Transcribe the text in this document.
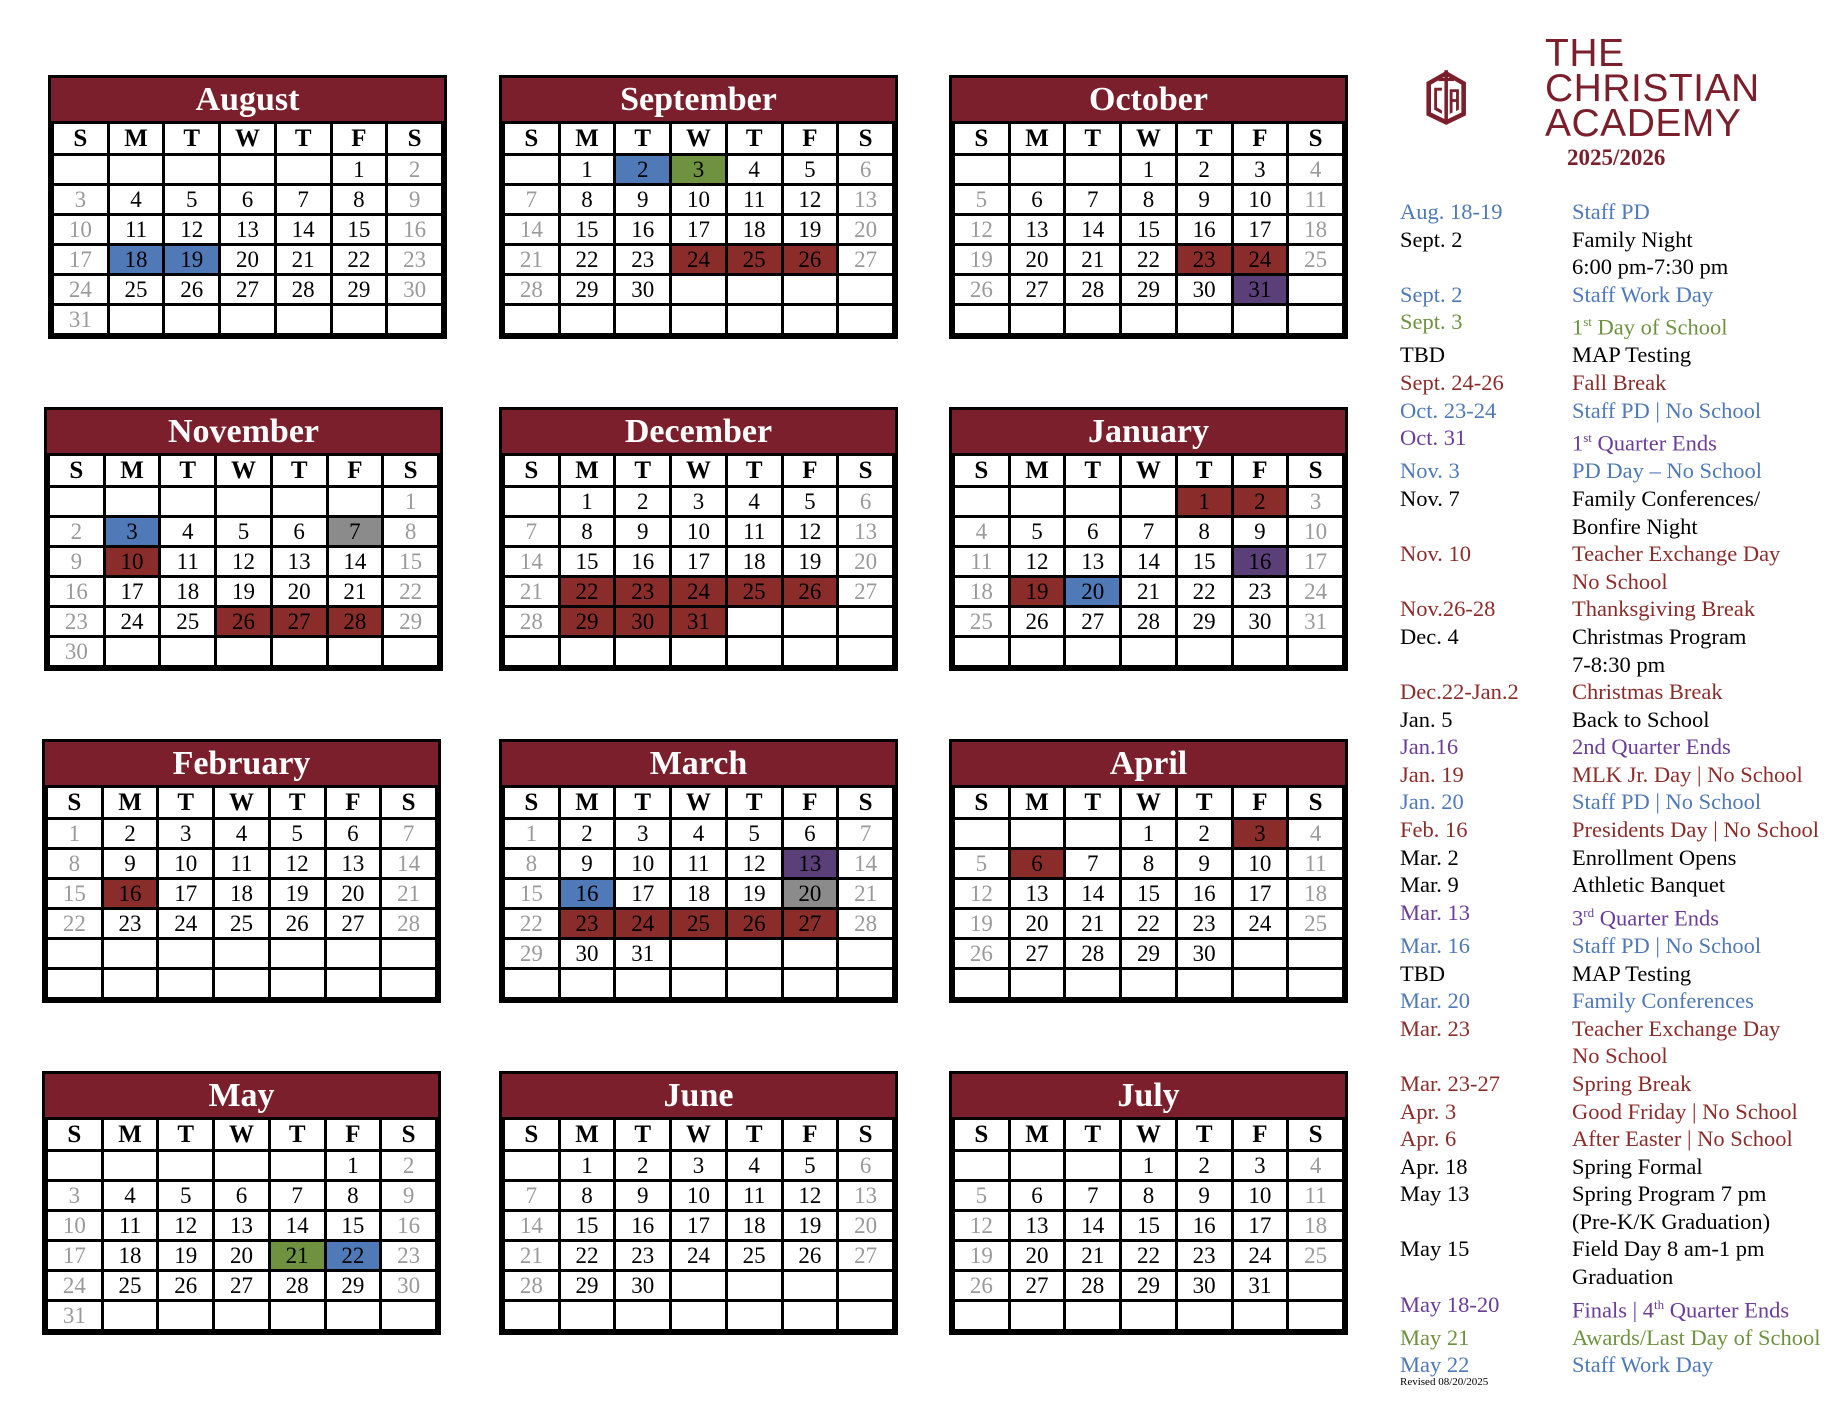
August
S	M	T	W	T	F	S
					1	2
3	4	5	6	7	8	9
10	11	12	13	14	15	16
17	18	19	20	21	22	23
24	25	26	27	28	29	30
31						
September
S	M	T	W	T	F	S
	1	2	3	4	5	6
7	8	9	10	11	12	13
14	15	16	17	18	19	20
21	22	23	24	25	26	27
28	29	30				

October
S	M	T	W	T	F	S
			1	2	3	4
5	6	7	8	9	10	11
12	13	14	15	16	17	18
19	20	21	22	23	24	25
26	27	28	29	30	31	

November
S	M	T	W	T	F	S
						1
2	3	4	5	6	7	8
9	10	11	12	13	14	15
16	17	18	19	20	21	22
23	24	25	26	27	28	29
30						
December
S	M	T	W	T	F	S
	1	2	3	4	5	6
7	8	9	10	11	12	13
14	15	16	17	18	19	20
21	22	23	24	25	26	27
28	29	30	31			

January
S	M	T	W	T	F	S
				1	2	3
4	5	6	7	8	9	10
11	12	13	14	15	16	17
18	19	20	21	22	23	24
25	26	27	28	29	30	31

February
S	M	T	W	T	F	S
1	2	3	4	5	6	7
8	9	10	11	12	13	14
15	16	17	18	19	20	21
22	23	24	25	26	27	28

March
S	M	T	W	T	F	S
1	2	3	4	5	6	7
8	9	10	11	12	13	14
15	16	17	18	19	20	21
22	23	24	25	26	27	28
29	30	31				

April
S	M	T	W	T	F	S
			1	2	3	4
5	6	7	8	9	10	11
12	13	14	15	16	17	18
19	20	21	22	23	24	25
26	27	28	29	30		

May
S	M	T	W	T	F	S
					1	2
3	4	5	6	7	8	9
10	11	12	13	14	15	16
17	18	19	20	21	22	23
24	25	26	27	28	29	30
31						
June
S	M	T	W	T	F	S
	1	2	3	4	5	6
7	8	9	10	11	12	13
14	15	16	17	18	19	20
21	22	23	24	25	26	27
28	29	30				

July
S	M	T	W	T	F	S
			1	2	3	4
5	6	7	8	9	10	11
12	13	14	15	16	17	18
19	20	21	22	23	24	25
26	27	28	29	30	31	

THE
CHRISTIAN
ACADEMY
2025/2026
Aug. 18-19	Staff PD
Sept. 2	Family Night
6:00 pm-7:30 pm
Sept. 2	Staff Work Day
Sept. 3	1st Day of School
TBD	MAP Testing
Sept. 24-26	Fall Break
Oct. 23-24	Staff PD | No School
Oct. 31	1st Quarter Ends
Nov. 3	PD Day – No School
Nov. 7	Family Conferences/
Bonfire Night
Nov. 10	Teacher Exchange Day
No School
Nov.26-28	Thanksgiving Break
Dec. 4	Christmas Program
7-8:30 pm
Dec.22-Jan.2	Christmas Break
Jan. 5	Back to School
Jan.16	2nd Quarter Ends
Jan. 19	MLK Jr. Day | No School
Jan. 20	Staff PD | No School
Feb. 16	Presidents Day | No School
Mar. 2	Enrollment Opens
Mar. 9	Athletic Banquet
Mar. 13	3rd Quarter Ends
Mar. 16	Staff PD | No School
TBD	MAP Testing
Mar. 20	Family Conferences
Mar. 23	Teacher Exchange Day
No School
Mar. 23-27	Spring Break
Apr. 3	Good Friday | No School
Apr. 6	After Easter | No School
Apr. 18	Spring Formal
May 13	Spring Program 7 pm
(Pre-K/K Graduation)
May 15	Field Day 8 am-1 pm
Graduation
May 18-20	Finals | 4th Quarter Ends
May 21	Awards/Last Day of School
May 22	Staff Work Day
Revised 08/20/2025
